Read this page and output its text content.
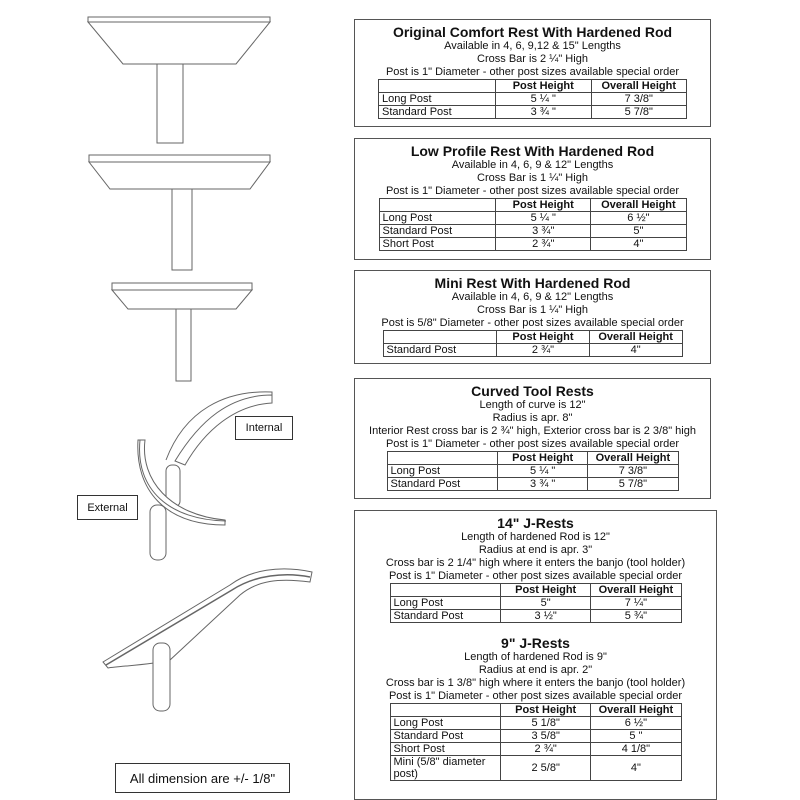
Original Comfort Rest With Hardened Rod
Available in 4, 6, 9,12 & 15" Lengths
Cross Bar is 2 ¼" High
Post is 1" Diameter - other post sizes available special order
	Post Height	Overall Height
Long Post	5 ¼ "	7 3/8"
Standard Post	3 ¾ "	5 7/8"
Low Profile Rest With Hardened Rod
Available in 4, 6, 9 & 12" Lengths
Cross Bar is 1 ¼" High
Post is 1" Diameter - other post sizes available special order
	Post Height	Overall Height
Long Post	5 ¼ "	6 ½"
Standard Post	3 ¾"	5"
Short Post	2 ¾"	4"
Mini Rest With Hardened Rod
Available in 4, 6, 9 & 12" Lengths
Cross Bar is 1 ¼" High
Post is 5/8" Diameter - other post sizes available special order
	Post Height	Overall Height
Standard Post	2 ¾"	4"
Curved Tool Rests
Length of curve is 12"
Radius is apr. 8"
Interior Rest cross bar is 2 ¾" high, Exterior cross bar is 2 3/8" high
Post is 1" Diameter - other post sizes available special order
	Post Height	Overall Height
Long Post	5 ¼ "	7 3/8"
Standard Post	3 ¾ "	5 7/8"
14" J-Rests
Length of hardened Rod is 12"
Radius at end is apr. 3"
Cross bar is 2 1/4" high where it enters the banjo (tool holder)
Post is 1" Diameter - other post sizes available special order
	Post Height	Overall Height
Long Post	5"	7 ¼"
Standard Post	3 ½"	5 ¾"
9" J-Rests
Length of hardened Rod is 9"
Radius at end is apr. 2"
Cross bar is 1 3/8" high where it enters the banjo (tool holder)
Post is 1" Diameter - other post sizes available special order
	Post Height	Overall Height
Long Post	5 1/8"	6 ½"
Standard Post	3 5/8"	5 "
Short Post	2 ¾"	4 1/8"
Mini (5/8" diameter post)	2 5/8"	4"
Internal
External
All dimension are +/- 1/8"
